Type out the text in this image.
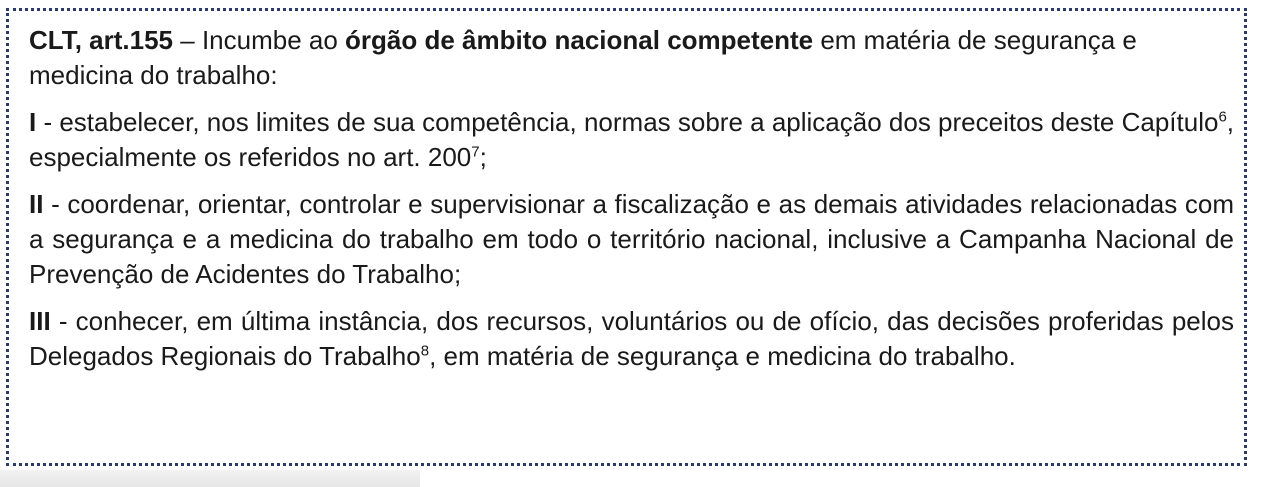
CLT, art.155 – Incumbe ao órgão de âmbito nacional competente em matéria de segurança e medicina do trabalho:

I - estabelecer, nos limites de sua competência, normas sobre a aplicação dos preceitos deste Capítulo$^6$, especialmente os referidos no art. $200^7$;

II - coordenar, orientar, controlar e supervisionar a fiscalização e as demais atividades relacionadas com a segurança e a medicina do trabalho em todo o território nacional, inclusive a Campanha Nacional de Prevenção de Acidentes do Trabalho;

III - conhecer, em última instância, dos recursos, voluntários ou de ofício, das decisões proferidas pelos Delegados Regionais do Trabalho$^8$, em matéria de segurança e medicina do trabalho.
